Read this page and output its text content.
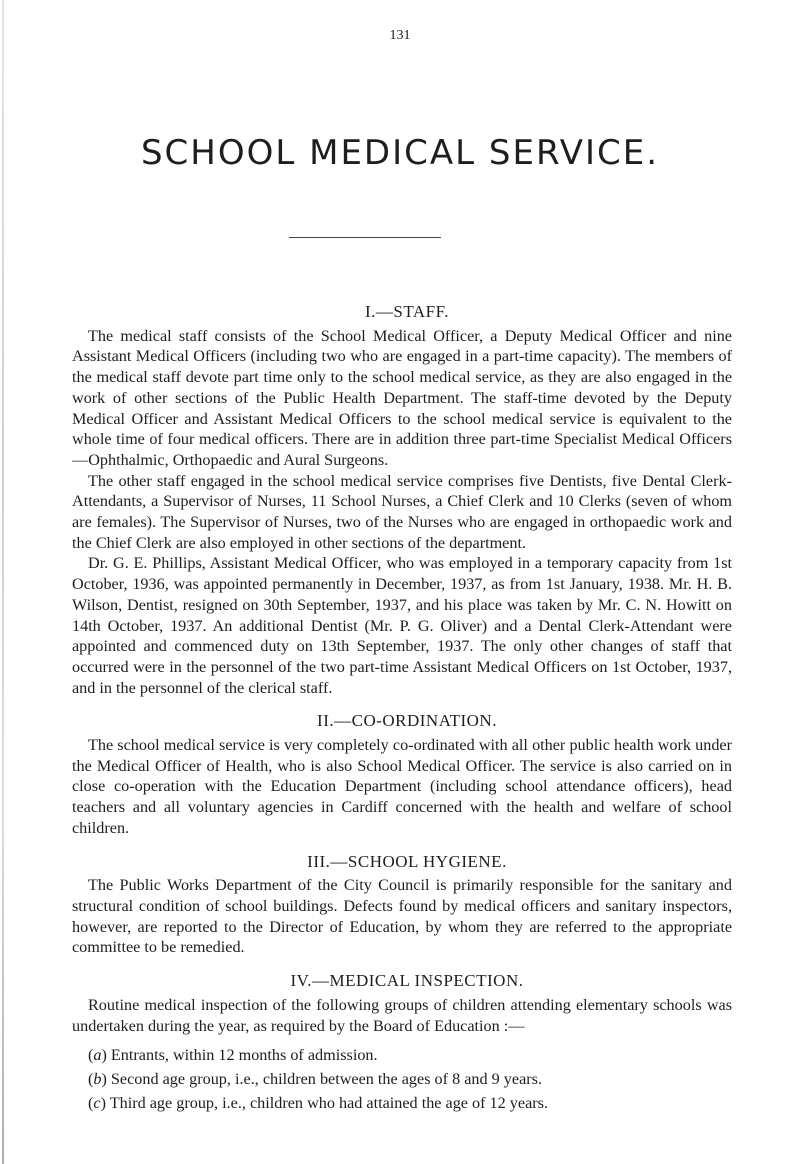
131
SCHOOL MEDICAL SERVICE.
I.—STAFF.

The medical staff consists of the School Medical Officer, a Deputy Medical Officer and nine Assistant Medical Officers (including two who are engaged in a part-time capacity). The members of the medical staff devote part time only to the school medical service, as they are also engaged in the work of other sections of the Public Health Department. The staff-time devoted by the Deputy Medical Officer and Assistant Medical Officers to the school medical service is equivalent to the whole time of four medical officers. There are in addition three part-time Specialist Medical Officers—Ophthalmic, Orthopaedic and Aural Surgeons.

The other staff engaged in the school medical service comprises five Dentists, five Dental Clerk-Attendants, a Supervisor of Nurses, 11 School Nurses, a Chief Clerk and 10 Clerks (seven of whom are females). The Supervisor of Nurses, two of the Nurses who are engaged in orthopaedic work and the Chief Clerk are also employed in other sections of the department.

Dr. G. E. Phillips, Assistant Medical Officer, who was employed in a temporary capacity from 1st October, 1936, was appointed permanently in December, 1937, as from 1st January, 1938. Mr. H. B. Wilson, Dentist, resigned on 30th September, 1937, and his place was taken by Mr. C. N. Howitt on 14th October, 1937. An additional Dentist (Mr. P. G. Oliver) and a Dental Clerk-Attendant were appointed and commenced duty on 13th September, 1937. The only other changes of staff that occurred were in the personnel of the two part-time Assistant Medical Officers on 1st October, 1937, and in the personnel of the clerical staff.

II.—CO-ORDINATION.

The school medical service is very completely co-ordinated with all other public health work under the Medical Officer of Health, who is also School Medical Officer. The service is also carried on in close co-operation with the Education Department (including school attendance officers), head teachers and all voluntary agencies in Cardiff concerned with the health and welfare of school children.

III.—SCHOOL HYGIENE.

The Public Works Department of the City Council is primarily responsible for the sanitary and structural condition of school buildings. Defects found by medical officers and sanitary inspectors, however, are reported to the Director of Education, by whom they are referred to the appropriate committee to be remedied.

IV.—MEDICAL INSPECTION.

Routine medical inspection of the following groups of children attending elementary schools was undertaken during the year, as required by the Board of Education :—

(a) Entrants, within 12 months of admission.
(b) Second age group, i.e., children between the ages of 8 and 9 years.
(c) Third age group, i.e., children who had attained the age of 12 years.
